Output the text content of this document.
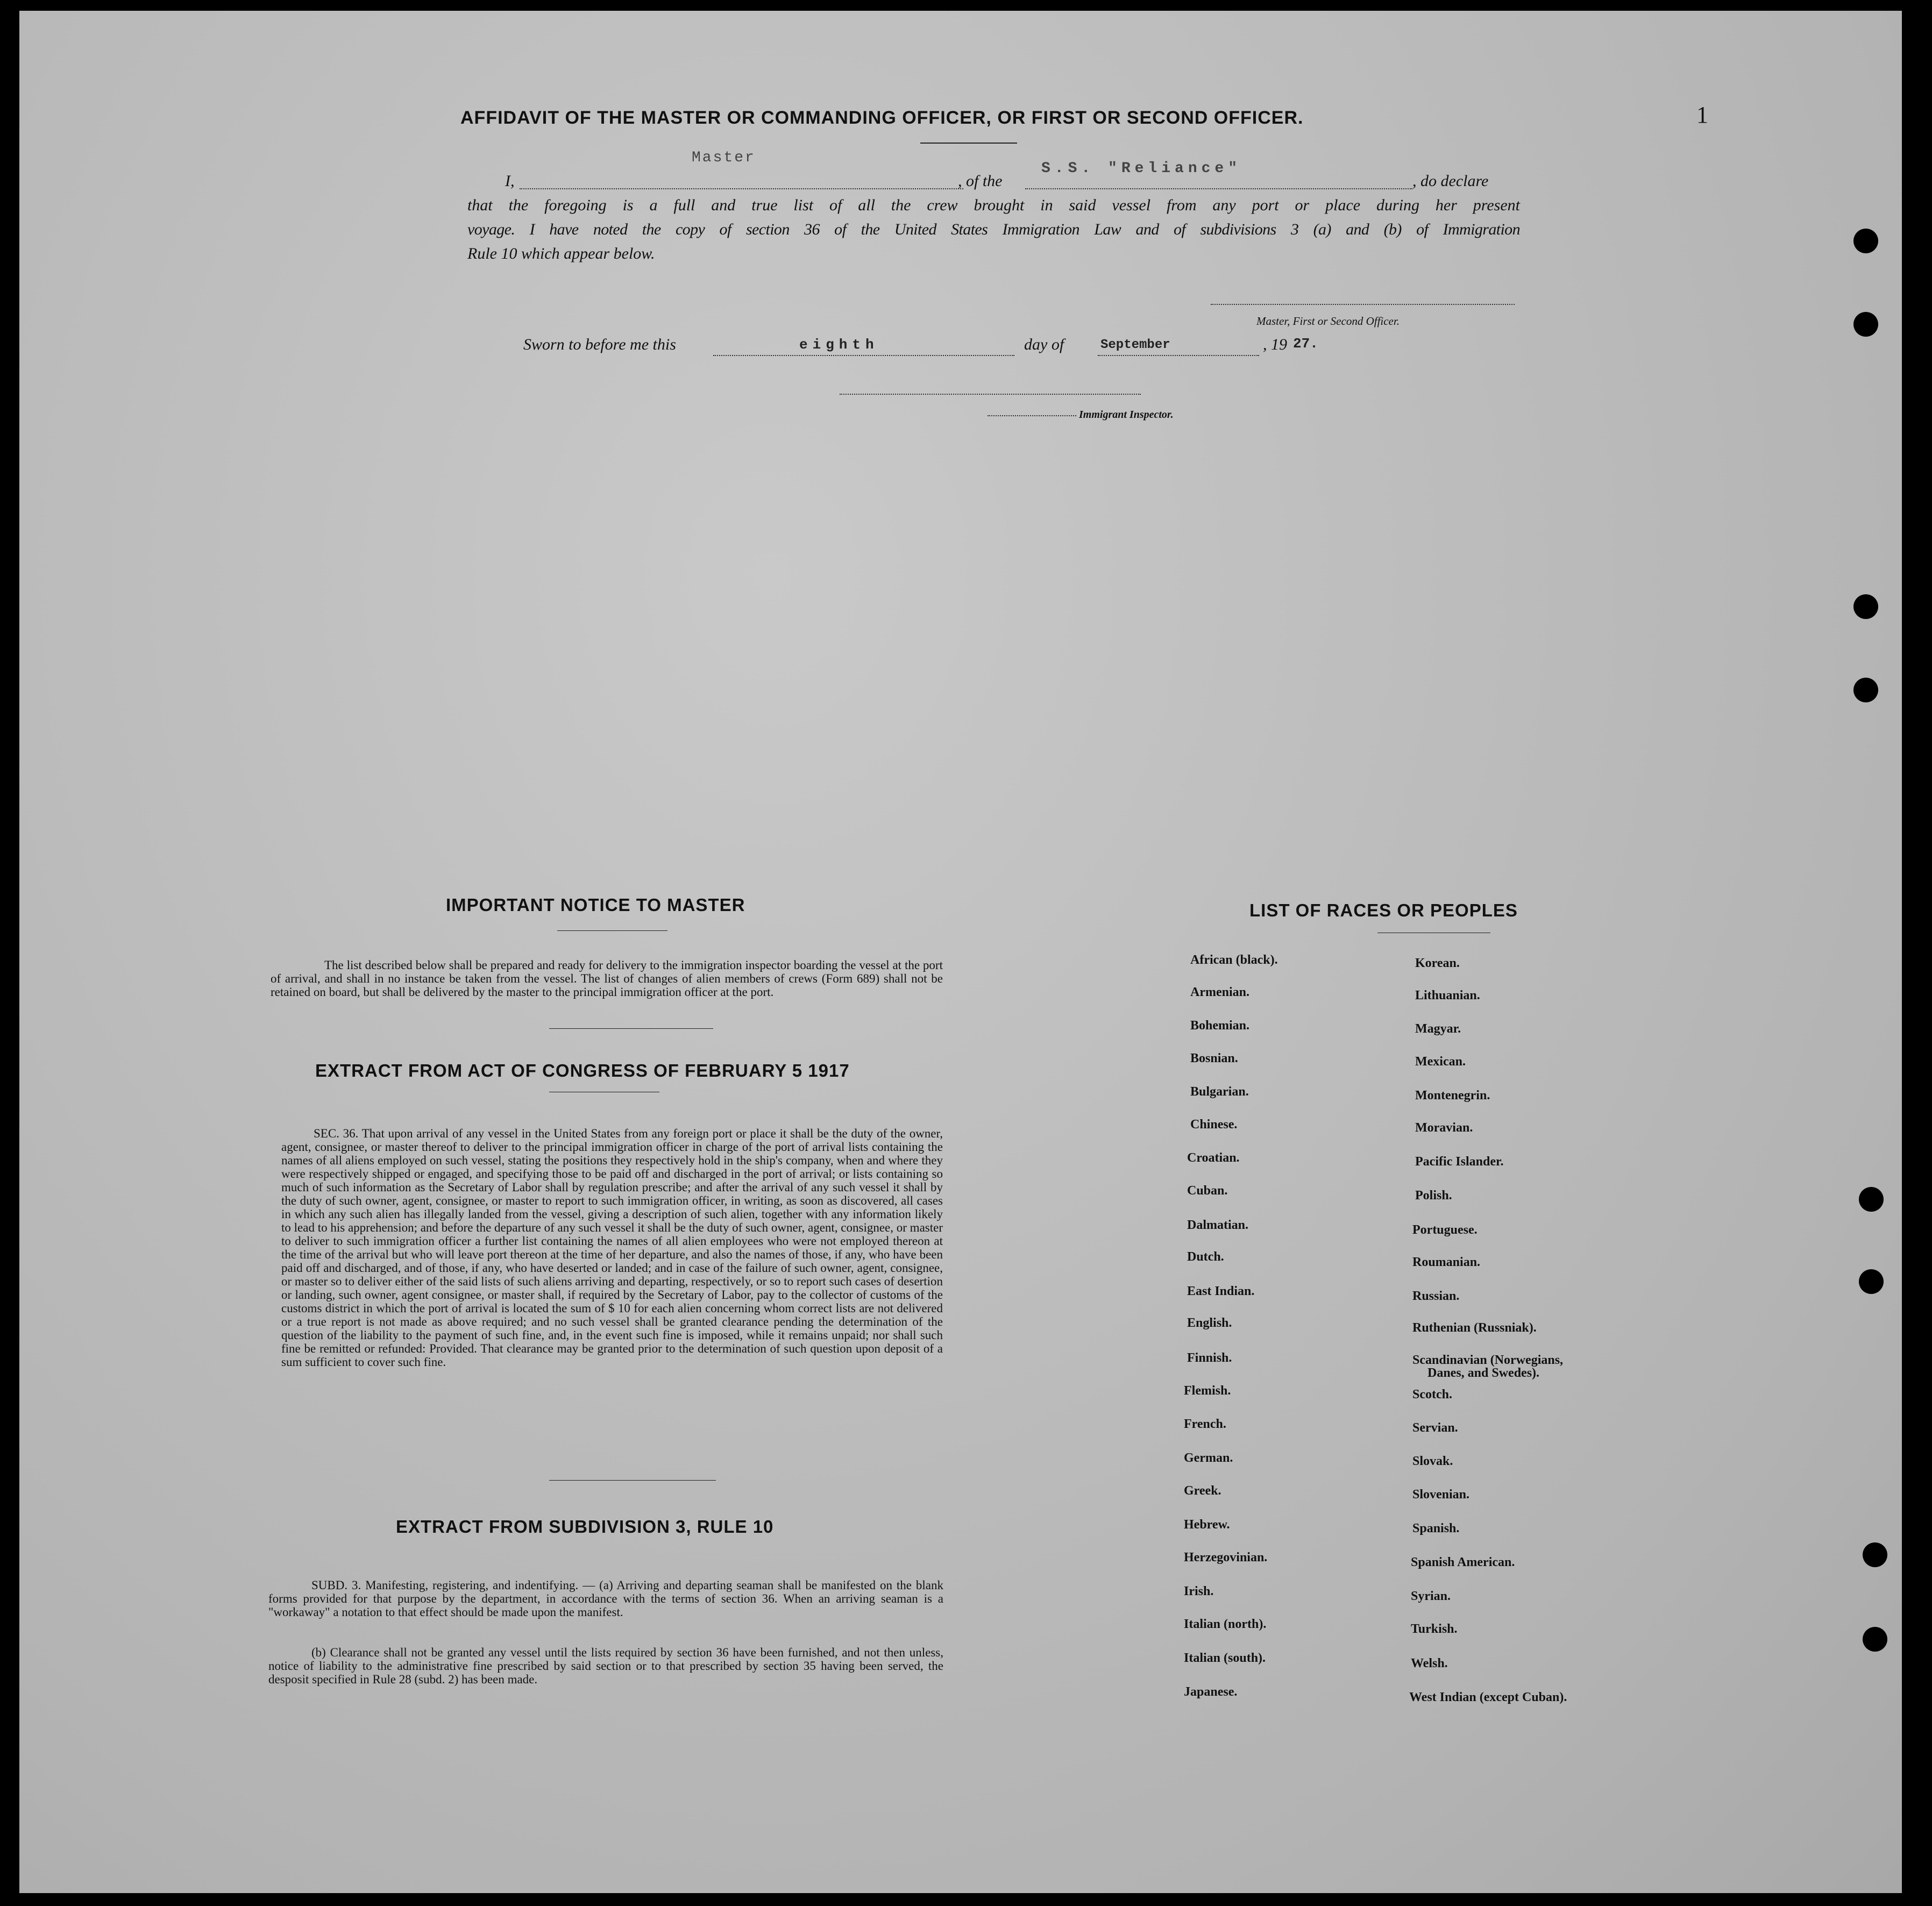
1
AFFIDAVIT OF THE MASTER OR COMMANDING OFFICER, OR FIRST OR SECOND OFFICER.
I,
Master
, of the
S.S. "Reliance"
, do declare
that the foregoing is a full and true list of all the crew brought in said vessel from any port or place during her present
voyage. I have noted the copy of section 36 of the United States Immigration Law and of subdivisions 3 (a) and (b) of Immigration
Rule 10 which appear below.
Master, First or Second Officer.
Sworn to before me this	eighth	day of	September	, 19 27.
Immigrant Inspector.
IMPORTANT NOTICE TO MASTER
The list described below shall be prepared and ready for delivery to the immigration inspector boarding the vessel at the port of arrival, and shall in no instance be taken from the vessel. The list of changes of alien members of crews (Form 689) shall not be retained on board, but shall be delivered by the master to the principal immigration officer at the port.
EXTRACT FROM ACT OF CONGRESS OF FEBRUARY 5 1917
SEC. 36. That upon arrival of any vessel in the United States from any foreign port or place it shall be the duty of the owner, agent, consignee, or master thereof to deliver to the principal immigration officer in charge of the port of arrival lists containing the names of all aliens employed on such vessel, stating the positions they respectively hold in the ship's company, when and where they were respectively shipped or engaged, and specifying those to be paid off and discharged in the port of arrival; or lists containing so much of such information as the Secretary of Labor shall by regulation prescribe; and after the arrival of any such vessel it shall by the duty of such owner, agent, consignee, or master to report to such immigration officer, in writing, as soon as discovered, all cases in which any such alien has illegally landed from the vessel, giving a description of such alien, together with any information likely to lead to his apprehension; and before the departure of any such vessel it shall be the duty of such owner, agent, consignee, or master to deliver to such immigration officer a further list containing the names of all alien employees who were not employed thereon at the time of the arrival but who will leave port thereon at the time of her departure, and also the names of those, if any, who have been paid off and discharged, and of those, if any, who have deserted or landed; and in case of the failure of such owner, agent, consignee, or master so to deliver either of the said lists of such aliens arriving and departing, respectively, or so to report such cases of desertion or landing, such owner, agent consignee, or master shall, if required by the Secretary of Labor, pay to the collector of customs of the customs district in which the port of arrival is located the sum of $ 10 for each alien concerning whom correct lists are not delivered or a true report is not made as above required; and no such vessel shall be granted clearance pending the determination of the question of the liability to the payment of such fine, and, in the event such fine is imposed, while it remains unpaid; nor shall such fine be remitted or refunded: Provided. That clearance may be granted prior to the determination of such question upon deposit of a sum sufficient to cover such fine.
EXTRACT FROM SUBDIVISION 3, RULE 10
SUBD. 3. Manifesting, registering, and indentifying. — (a) Arriving and departing seaman shall be manifested on the blank forms provided for that purpose by the department, in accordance with the terms of section 36. When an arriving seaman is a "workaway" a notation to that effect should be made upon the manifest.
(b) Clearance shall not be granted any vessel until the lists required by section 36 have been furnished, and not then unless, notice of liability to the administrative fine prescribed by said section or to that prescribed by section 35 having been served, the desposit specified in Rule 28 (subd. 2) has been made.
LIST OF RACES OR PEOPLES
African (black).
Armenian.
Bohemian.
Bosnian.
Bulgarian.
Chinese.
Croatian.
Cuban.
Dalmatian.
Dutch.
East Indian.
English.
Finnish.
Flemish.
French.
German.
Greek.
Hebrew.
Herzegovinian.
Irish.
Italian (north).
Italian (south).
Japanese.
Korean.
Lithuanian.
Magyar.
Mexican.
Montenegrin.
Moravian.
Pacific Islander.
Polish.
Portuguese.
Roumanian.
Russian.
Ruthenian (Russniak).
Scandinavian (Norwegians,
Danes, and Swedes).
Scotch.
Servian.
Slovak.
Slovenian.
Spanish.
Spanish American.
Syrian.
Turkish.
Welsh.
West Indian (except Cuban).
